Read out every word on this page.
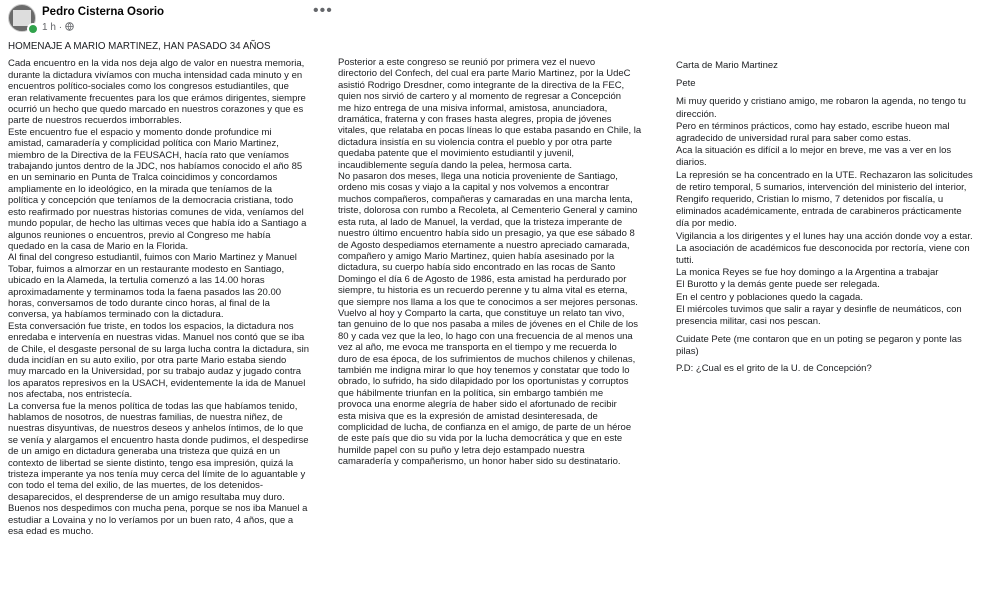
Pedro Cisterna Osorio
1 h ·
•••

HOMENAJE A MARIO MARTINEZ, HAN PASADO 34 AÑOS

Cada encuentro en la vida nos deja algo de valor en nuestra memoria,
durante la dictadura vivíamos con mucha intensidad cada minuto y en
encuentros político-sociales como los congresos estudiantiles, que
eran relativamente frecuentes para los que erámos dirigentes, siempre
ocurrió un hecho que quedo marcado en nuestros corazones y que es
parte de nuestros recuerdos imborrables.
Este encuentro fue el espacio y momento donde profundice mi
amistad, camaradería y complicidad política con Mario Martinez,
miembro de la Directiva de la FEUSACH, hacía rato que veníamos
trabajando juntos dentro de la JDC, nos habíamos conocido el año 85
en un seminario en Punta de Tralca coincidimos y concordamos
ampliamente en lo ideológico, en la mirada que teníamos de la
política y concepción que teníamos de la democracia cristiana, todo
esto reafirmado por nuestras historias comunes de vida, veníamos del
mundo popular, de hecho las ultimas veces que había ido a Santiago a
algunos reuniones o encuentros, previo al Congreso me había
quedado en la casa de Mario en la Florida.
Al final del congreso estudiantil, fuimos con Mario Martinez y Manuel
Tobar, fuimos a almorzar en un restaurante modesto en Santiago,
ubicado en la Alameda, la tertulia comenzó a las 14.00 horas
aproximadamente y terminamos toda la faena pasados las 20.00
horas, conversamos de todo durante cinco horas, al final de la
conversa, ya habíamos terminado con la dictadura.
Esta conversación fue triste, en todos los espacios, la dictadura nos
enredaba e intervenía en nuestras vidas. Manuel nos contó que se iba
de Chile, el desgaste personal de su larga lucha contra la dictadura, sin
duda incidían en su auto exilio, por otra parte Mario estaba siendo
muy marcado en la Universidad, por su trabajo audaz y jugado contra
los aparatos represivos en la USACH, evidentemente la ida de Manuel
nos afectaba, nos entristecía.
La conversa fue la menos política de todas las que habíamos tenido,
hablamos de nosotros, de nuestras familias, de nuestra niñez, de
nuestras disyuntivas, de nuestros deseos y anhelos íntimos, de lo que
se venía y alargamos el encuentro hasta donde pudimos, el despedirse
de un amigo en dictadura generaba una tristeza que quizá en un
contexto de libertad se siente distinto, tengo esa impresión, quizá la
tristeza imperante ya nos tenía muy cerca del límite de lo aguantable y
con todo el tema del exilio, de las muertes, de los detenidos-
desaparecidos, el desprenderse de un amigo resultaba muy duro.
Buenos nos despedimos con mucha pena, porque se nos iba Manuel a
estudiar a Lovaina y no lo veríamos por un buen rato, 4 años, que a
esa edad es mucho.

Posterior a este congreso se reunió por primera vez el nuevo
directorio del Confech, del cual era parte Mario Martinez, por la UdeC
asistió Rodrigo Dresdner, como integrante de la directiva de la FEC,
quien nos sirvió de cartero y al momento de regresar a Concepción
me hizo entrega de una misiva informal, amistosa, anunciadora,
dramática, fraterna y con frases hasta alegres, propia de jóvenes
vitales, que relataba en pocas líneas lo que estaba pasando en Chile, la
dictadura insistía en su violencia contra el pueblo y por otra parte
quedaba patente que el movimiento estudiantil y juvenil,
incaudiblemente seguía dando la pelea, hermosa carta.
No pasaron dos meses, llega una noticia proveniente de Santiago,
ordeno mis cosas y viajo a la capital y nos volvemos a encontrar
muchos compañeros, compañeras y camaradas en una marcha lenta,
triste, dolorosa con rumbo a Recoleta, al Cementerio General y camino
esta ruta, al lado de Manuel, la verdad, que la tristeza imperante de
nuestro último encuentro había sido un presagio, ya que ese sábado 8
de Agosto despediamos eternamente a nuestro apreciado camarada,
compañero y amigo Mario Martinez, quien había asesinado por la
dictadura, su cuerpo había sido encontrado en las rocas de Santo
Domingo el día 6 de Agosto de 1986, esta amistad ha perdurado por
siempre, tu historia es un recuerdo perenne y tu alma vital es eterna,
que siempre nos llama a los que te conocimos a ser mejores personas.
Vuelvo al hoy y Comparto la carta, que constituye un relato tan vivo,
tan genuino de lo que nos pasaba a miles de jóvenes en el Chile de los
80 y cada vez que la leo, lo hago con una frecuencia de al menos una
vez al año, me evoca me transporta en el tiempo y me recuerda lo
duro de esa época, de los sufrimientos de muchos chilenos y chilenas,
también me indigna mirar lo que hoy tenemos y constatar que todo lo
obrado, lo sufrido, ha sido dilapidado por los oportunistas y corruptos
que hábilmente triunfan en la política, sin embargo también me
provoca una enorme alegría de haber sido el afortunado de recibir
esta misiva que es la expresión de amistad desinteresada, de
complicidad de lucha, de confianza en el amigo, de parte de un héroe
de este país que dio su vida por la lucha democrática y que en este
humilde papel con su puño y letra dejo estampado nuestra
camaradería y compañerismo, un honor haber sido su destinatario.

Carta de Mario Martinez

Pete

Mi muy querido y cristiano amigo, me robaron la agenda, no tengo tu
dirección.
Pero en términos prácticos, como hay estado, escribe hueon mal
agradecido de universidad rural para saber como estas.
Aca la situación es difícil a lo mejor en breve, me vas a ver en los
diarios.
La represión se ha concentrado en la UTE. Rechazaron las solicitudes
de retiro temporal, 5 sumarios, intervención del ministerio del interior,
Rengifo requerido, Cristian lo mismo, 7 detenidos por fiscalía, u
eliminados académicamente, entrada de carabineros prácticamente
día por medio.
Vigilancia a los dirigentes y el lunes hay una acción donde voy a estar.
La asociación de académicos fue desconocida por rectoría, viene con
tutti.
La monica Reyes se fue hoy domingo a la Argentina a trabajar
El Burotto y la demás gente puede ser relegada.
En el centro y poblaciones quedo la cagada.
El miércoles tuvimos que salir a rayar y desinfle de neumáticos, con
presencia militar, casi nos pescan.

Cuidate Pete (me contaron que en un poting se pegaron y ponte las
pilas)

P.D: ¿Cual es el grito de la U. de Concepción?
